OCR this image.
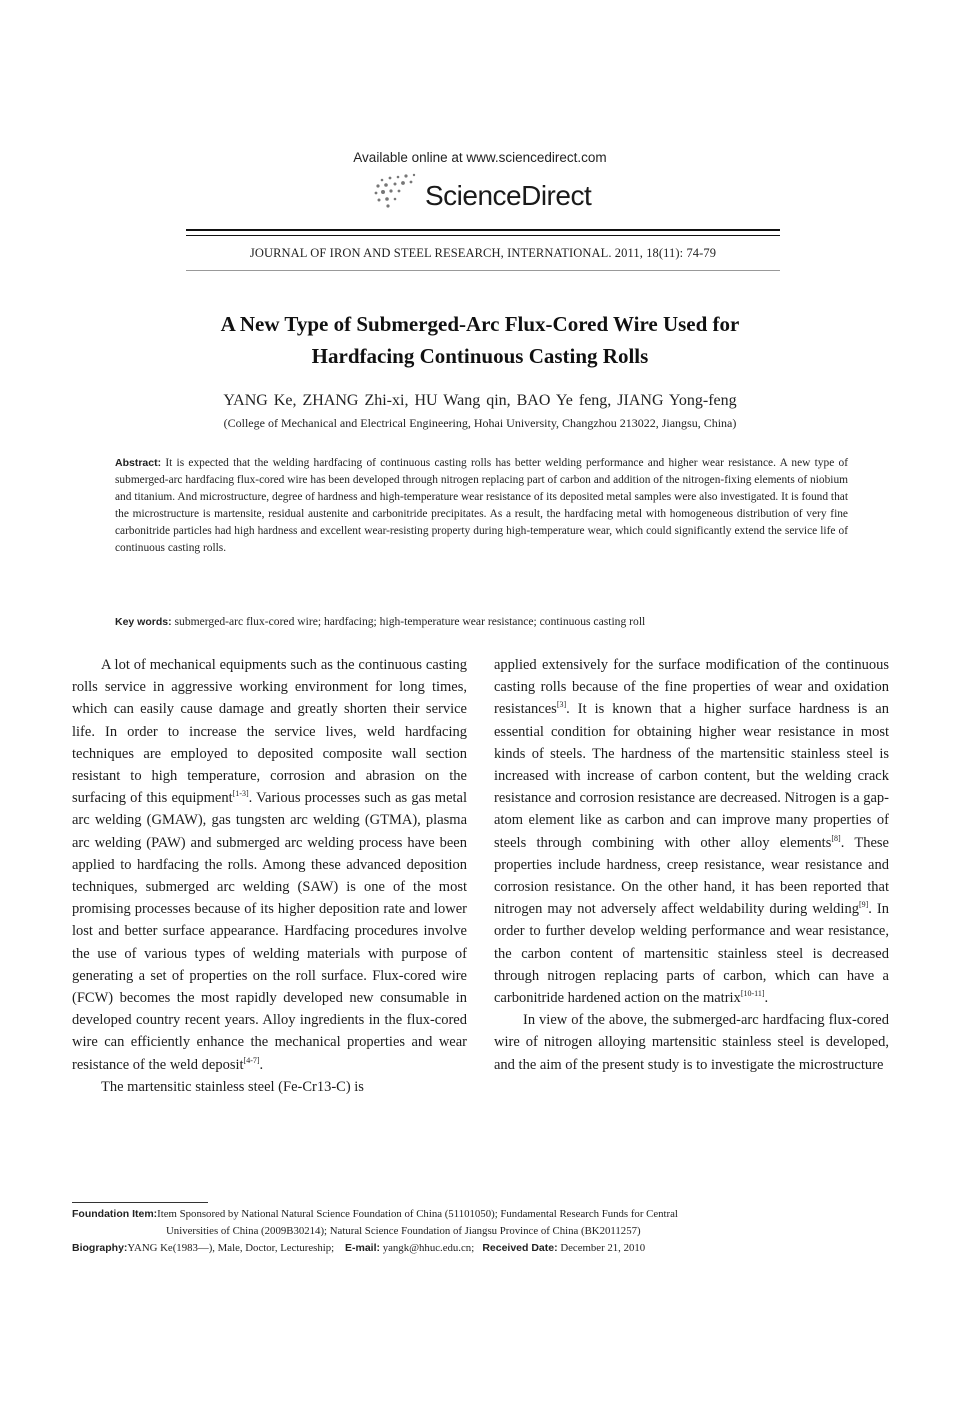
Available online at www.sciencedirect.com
ScienceDirect
JOURNAL OF IRON AND STEEL RESEARCH, INTERNATIONAL. 2011, 18(11): 74-79
A New Type of Submerged-Arc Flux-Cored Wire Used for
Hardfacing Continuous Casting Rolls
YANG Ke, ZHANG Zhi-xi, HU Wang qin, BAO Ye feng, JIANG Yong-feng
(College of Mechanical and Electrical Engineering, Hohai University, Changzhou 213022, Jiangsu, China)
Abstract: It is expected that the welding hardfacing of continuous casting rolls has better welding performance and higher wear resistance. A new type of submerged-arc hardfacing flux-cored wire has been developed through nitrogen replacing part of carbon and addition of the nitrogen-fixing elements of niobium and titanium. And microstructure, degree of hardness and high-temperature wear resistance of its deposited metal samples were also investigated. It is found that the microstructure is martensite, residual austenite and carbonitride precipitates. As a result, the hardfacing metal with homogeneous distribution of very fine carbonitride particles had high hardness and excellent wear-resisting property during high-temperature wear, which could significantly extend the service life of continuous casting rolls.
Key words: submerged-arc flux-cored wire; hardfacing; high-temperature wear resistance; continuous casting roll

A lot of mechanical equipments such as the continuous casting rolls service in aggressive working environment for long times, which can easily cause damage and greatly shorten their service life. In order to increase the service lives, weld hardfacing techniques are employed to deposited composite wall section resistant to high temperature, corrosion and abrasion on the surfacing of this equipment[1-3]. Various processes such as gas metal arc welding (GMAW), gas tungsten arc welding (GTMA), plasma arc welding (PAW) and submerged arc welding process have been applied to hardfacing the rolls. Among these advanced deposition techniques, submerged arc welding (SAW) is one of the most promising processes because of its higher deposition rate and lower lost and better surface appearance. Hardfacing procedures involve the use of various types of welding materials with purpose of generating a set of properties on the roll surface. Flux-cored wire (FCW) becomes the most rapidly developed new consumable in developed country recent years. Alloy ingredients in the flux-cored wire can efficiently enhance the mechanical properties and wear resistance of the weld deposit[4-7].

The martensitic stainless steel (Fe-Cr13-C) is

applied extensively for the surface modification of the continuous casting rolls because of the fine properties of wear and oxidation resistances[3]. It is known that a higher surface hardness is an essential condition for obtaining higher wear resistance in most kinds of steels. The hardness of the martensitic stainless steel is increased with increase of carbon content, but the welding crack resistance and corrosion resistance are decreased. Nitrogen is a gap-atom element like as carbon and can improve many properties of steels through combining with other alloy elements[8]. These properties include hardness, creep resistance, wear resistance and corrosion resistance. On the other hand, it has been reported that nitrogen may not adversely affect weldability during welding[9]. In order to further develop welding performance and wear resistance, the carbon content of martensitic stainless steel is decreased through nitrogen replacing parts of carbon, which can have a carbonitride hardened action on the matrix[10-11].

In view of the above, the submerged-arc hardfacing flux-cored wire of nitrogen alloying martensitic stainless steel is developed, and the aim of the present study is to investigate the microstructure

Foundation Item:Item Sponsored by National Natural Science Foundation of China (51101050); Fundamental Research Funds for Central
Universities of China (2009B30214); Natural Science Foundation of Jiangsu Province of China (BK2011257)
Biography:YANG Ke(1983—), Male, Doctor, Lectureship; E-mail: yangk@hhuc.edu.cn; Received Date: December 21, 2010
